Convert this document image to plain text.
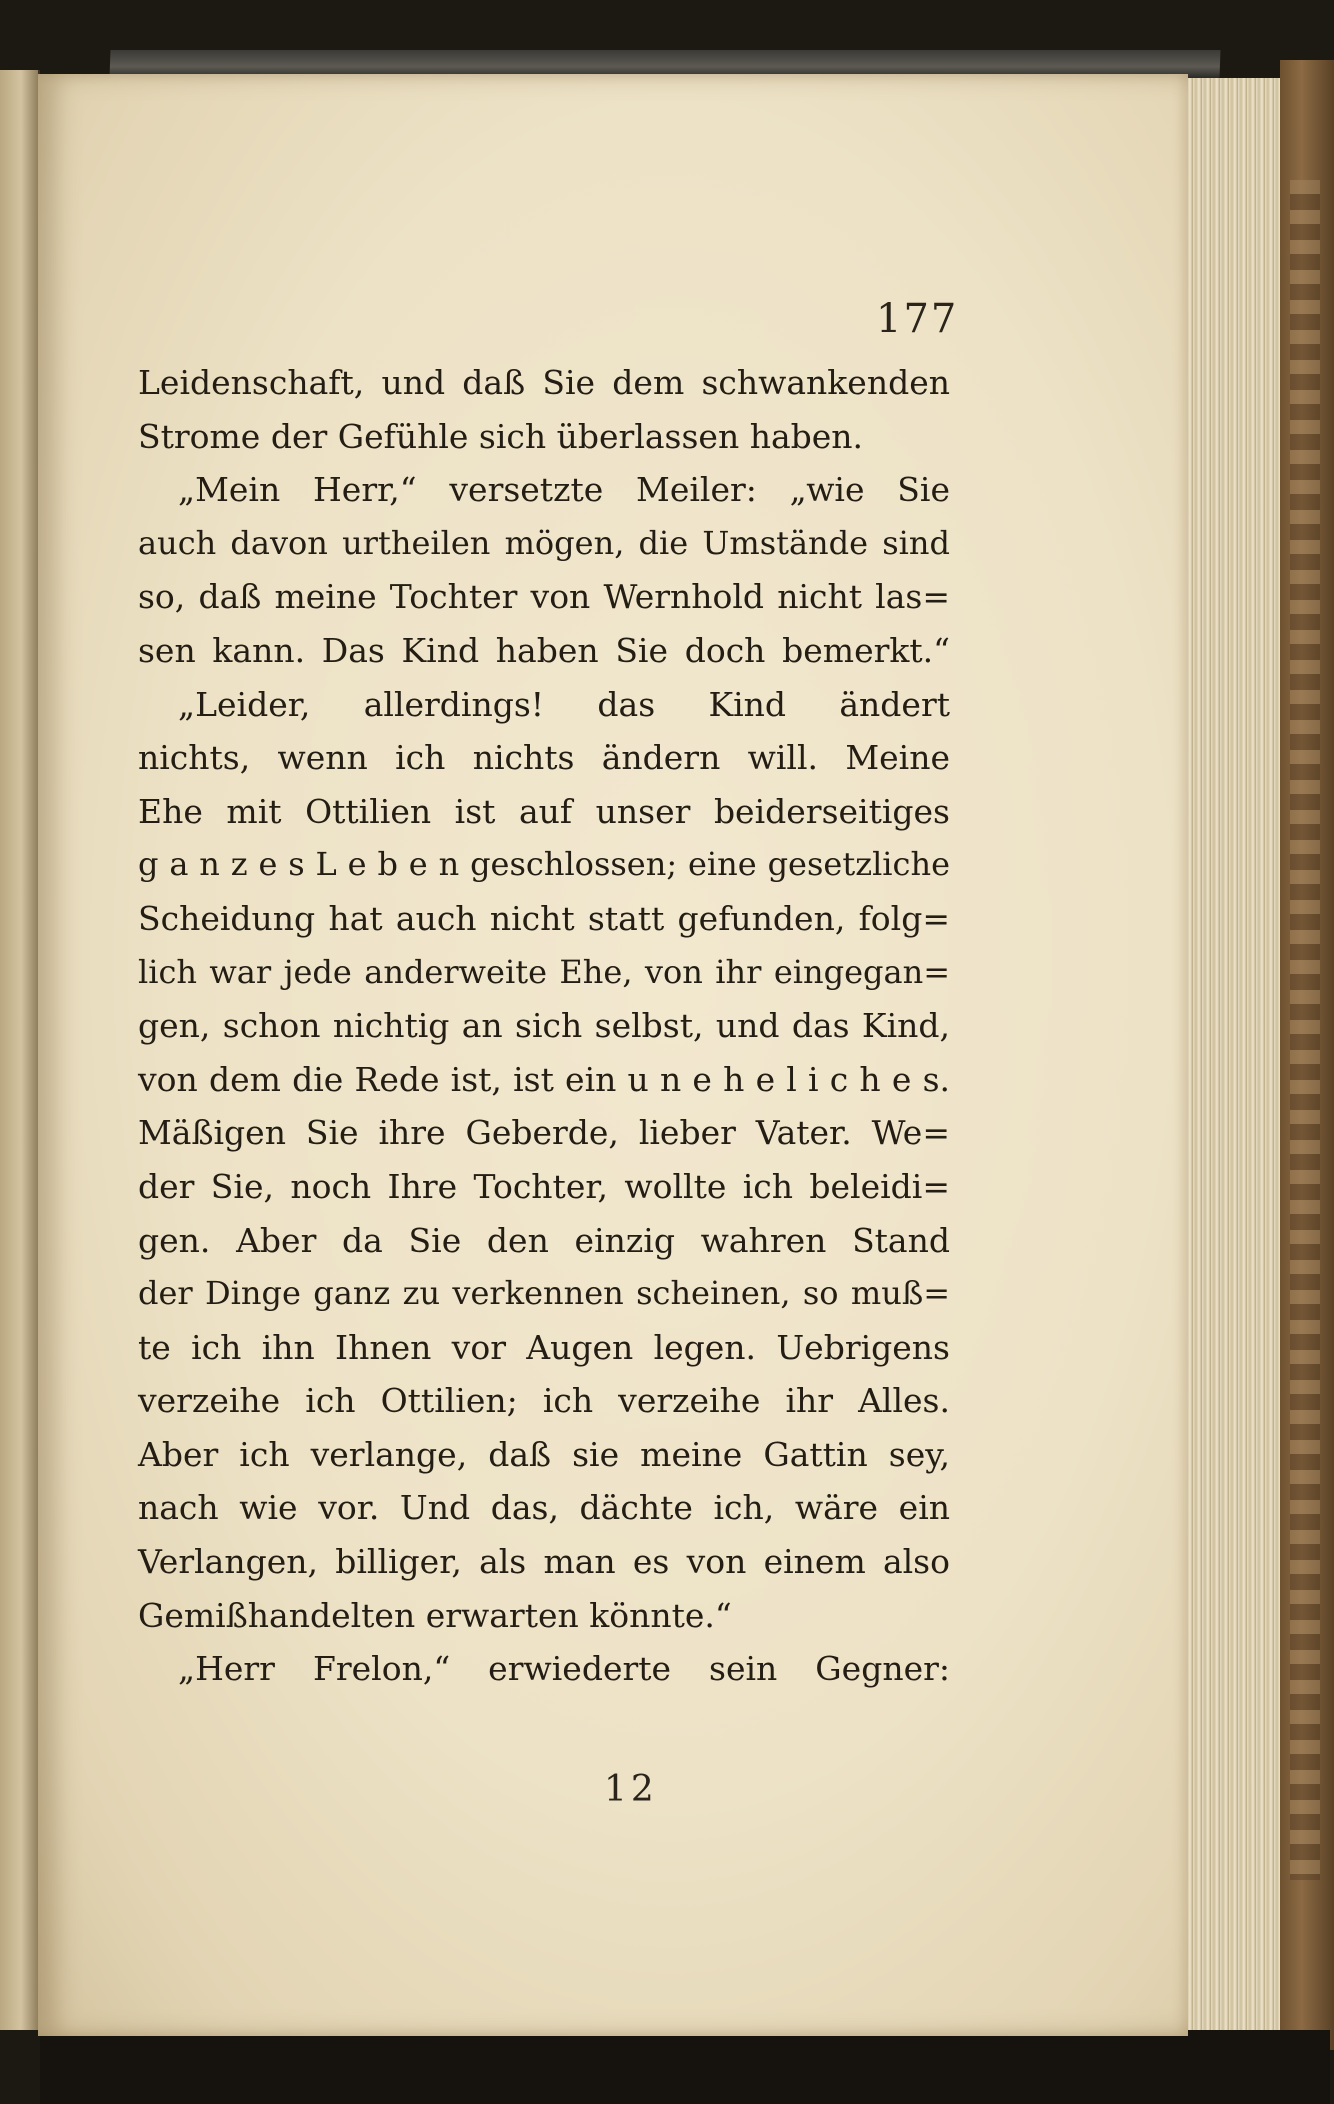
177
Leidenschaft, und daß Sie dem schwankenden
Strome der Gefühle sich überlassen haben.
„Mein Herr,“ versetzte Meiler: „wie Sie
auch davon urtheilen mögen, die Umstände sind
so, daß meine Tochter von Wernhold nicht las=
sen kann. Das Kind haben Sie doch bemerkt.“
„Leider, allerdings! das Kind ändert
nichts, wenn ich nichts ändern will. Meine
Ehe mit Ottilien ist auf unser beiderseitiges
g a n z e s L e b e n geschlossen; eine gesetzliche
Scheidung hat auch nicht statt gefunden, folg=
lich war jede anderweite Ehe, von ihr eingegan=
gen, schon nichtig an sich selbst, und das Kind,
von dem die Rede ist, ist ein u n e h e l i c h e s.
Mäßigen Sie ihre Geberde, lieber Vater. We=
der Sie, noch Ihre Tochter, wollte ich beleidi=
gen. Aber da Sie den einzig wahren Stand
der Dinge ganz zu verkennen scheinen, so muß=
te ich ihn Ihnen vor Augen legen. Uebrigens
verzeihe ich Ottilien; ich verzeihe ihr Alles.
Aber ich verlange, daß sie meine Gattin sey,
nach wie vor. Und das, dächte ich, wäre ein
Verlangen, billiger, als man es von einem also
Gemißhandelten erwarten könnte.“
„Herr Frelon,“ erwiederte sein Gegner:
12
